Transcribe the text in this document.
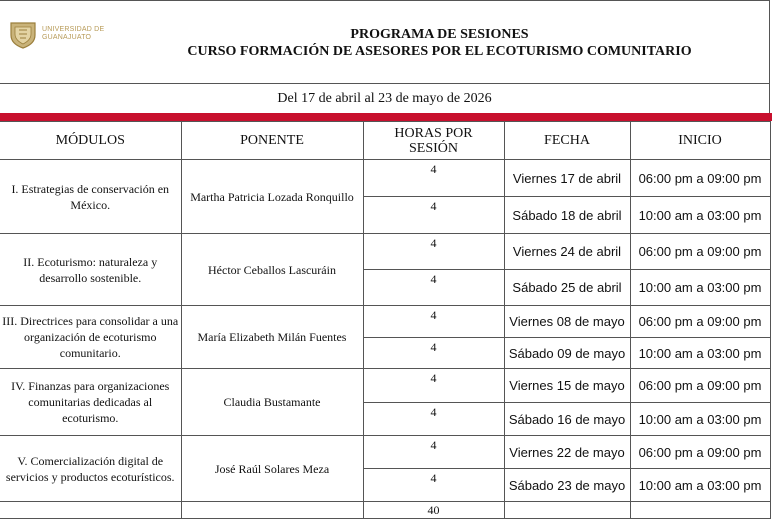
UNIVERSIDAD DE
GUANAJUATO	PROGRAMA DE SESIONES
CURSO FORMACIÓN DE ASESORES POR EL ECOTURISMO COMUNITARIO
Del 17 de abril al 23 de mayo de 2026
MÓDULOS	PONENTE	HORAS POR SESIÓN	FECHA	INICIO
I. Estrategias de conservación en México.	Martha Patricia Lozada Ronquillo	4	Viernes 17 de abril	06:00 pm a 09:00 pm
		4	Sábado 18 de abril	10:00 am a 03:00 pm
II. Ecoturismo: naturaleza y desarrollo sostenible.	Héctor Ceballos Lascuráin	4	Viernes 24 de abril	06:00 pm a 09:00 pm
		4	Sábado 25 de abril	10:00 am a 03:00 pm
III. Directrices para consolidar a una organización de ecoturismo comunitario.	María Elizabeth Milán Fuentes	4	Viernes 08 de mayo	06:00 pm a 09:00 pm
		4	Sábado 09 de mayo	10:00 am a 03:00 pm
IV. Finanzas para organizaciones comunitarias dedicadas al ecoturismo.	Claudia Bustamante	4	Viernes 15 de mayo	06:00 pm a 09:00 pm
		4	Sábado 16 de mayo	10:00 am a 03:00 pm
V. Comercialización digital de servicios y productos ecoturísticos.	José Raúl Solares Meza	4	Viernes 22 de mayo	06:00 pm a 09:00 pm
		4	Sábado 23 de mayo	10:00 am a 03:00 pm
		40		
